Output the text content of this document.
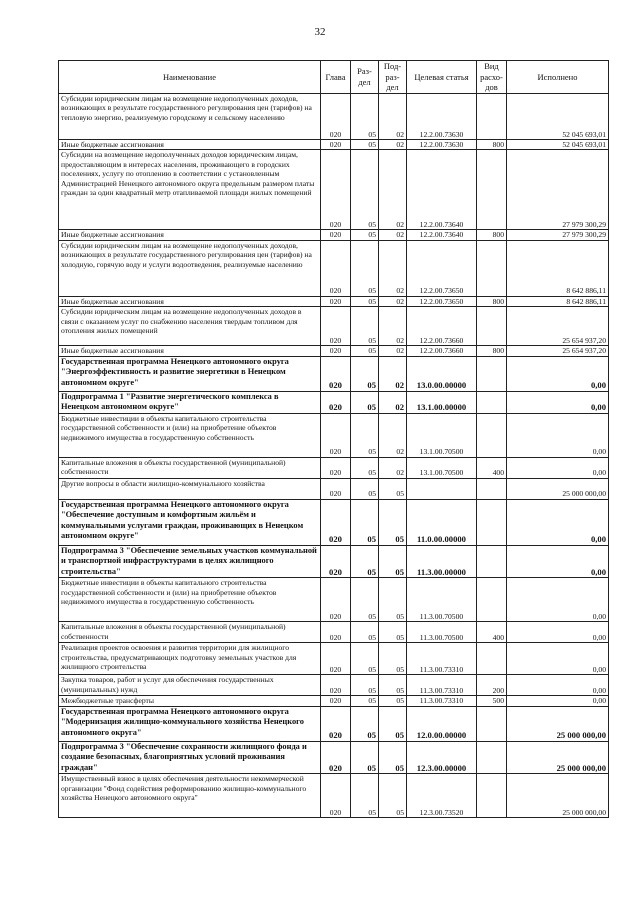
32
Наименование	Глава	Раз-дел	Под-раз-дел	Целевая статья	Вид расхо-дов	Исполнено
Субсидии юридическим лицам на возмещение недополученных доходов, возникающих в результате государственного регулирования цен (тарифов) на тепловую энергию, реализуемую городскому и сельскому населению	020	05	02	12.2.00.73630		52 045 693,01
Иные бюджетные ассигнования	020	05	02	12.2.00.73630	800	52 045 693,01
Субсидии на возмещение недополученных доходов юридическим лицам, предоставляющим в интересах населения, проживающего в городских поселениях, услугу по отоплению в соответствии с установленным Администрацией Ненецкого автономного округа предельным размером платы граждан за один квадратный метр отапливаемой площади жилых помещений	020	05	02	12.2.00.73640		27 979 300,29
Иные бюджетные ассигнования	020	05	02	12.2.00.73640	800	27 979 300,29
Субсидии юридическим лицам на возмещение недополученных доходов, возникающих в результате государственного регулирования цен (тарифов) на холодную, горячую воду и услуги водоотведения, реализуемые населению	020	05	02	12.2.00.73650		8 642 886,11
Иные бюджетные ассигнования	020	05	02	12.2.00.73650	800	8 642 886,11
Субсидии юридическим лицам на возмещение недополученных доходов в связи с оказанием услуг по снабжению населения твердым топливом для отопления жилых помещений	020	05	02	12.2.00.73660		25 654 937,20
Иные бюджетные ассигнования	020	05	02	12.2.00.73660	800	25 654 937,20
Государственная программа Ненецкого автономного округа "Энергоэффективность и развитие энергетики в Ненецком автономном округе"	020	05	02	13.0.00.00000		0,00
Подпрограмма 1 "Развитие энергетического комплекса в Ненецком автономном округе"	020	05	02	13.1.00.00000		0,00
Бюджетные инвестиции в объекты капитального строительства государственной собственности и (или) на приобретение объектов недвижимого имущества в государственную собственность	020	05	02	13.1.00.70500		0,00
Капитальные вложения в объекты государственной (муниципальной) собственности	020	05	02	13.1.00.70500	400	0,00
Другие вопросы в области жилищно-коммунального хозяйства	020	05	05			25 000 000,00
Государственная программа Ненецкого автономного округа "Обеспечение доступным и комфортным жильём и коммунальными услугами граждан, проживающих в Ненецком автономном округе"	020	05	05	11.0.00.00000		0,00
Подпрограмма 3 "Обеспечение земельных участков коммунальной и транспортной инфраструктурами в целях жилищного строительства"	020	05	05	11.3.00.00000		0,00
Бюджетные инвестиции в объекты капитального строительства государственной собственности и (или) на приобретение объектов недвижимого имущества в государственную собственность	020	05	05	11.3.00.70500		0,00
Капитальные вложения в объекты государственной (муниципальной) собственности	020	05	05	11.3.00.70500	400	0,00
Реализация проектов освоения и развития территории для жилищного строительства, предусматривающих подготовку земельных участков для жилищного строительства	020	05	05	11.3.00.73310		0,00
Закупка товаров, работ и услуг для обеспечения государственных (муниципальных) нужд	020	05	05	11.3.00.73310	200	0,00
Межбюджетные трансферты	020	05	05	11.3.00.73310	500	0,00
Государственная программа Ненецкого автономного округа "Модернизация жилищно-коммунального хозяйства Ненецкого автономного округа"	020	05	05	12.0.00.00000		25 000 000,00
Подпрограмма 3 "Обеспечение сохранности жилищного фонда и создание безопасных, благоприятных условий проживания граждан"	020	05	05	12.3.00.00000		25 000 000,00
Имущественный взнос в целях обеспечения деятельности некоммерческой организации "Фонд содействия реформированию жилищно-коммунального хозяйства Ненецкого автономного округа"	020	05	05	12.3.00.73520		25 000 000,00
